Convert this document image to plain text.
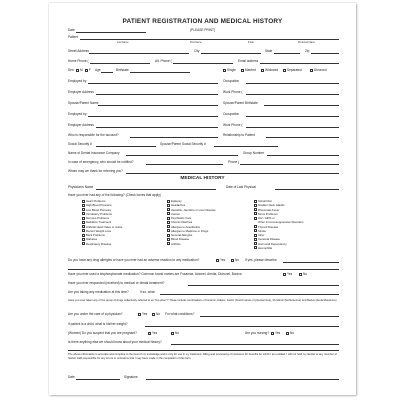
PATIENT REGISTRATION AND MEDICAL HISTORY
(PLEASE PRINT)
Date
Patient
Last Name	First Name	Initial	Preferred Name
Street Address	City	State	Zip
Home Phone (	Alt. Phone (	Email address
Sex:	M	F Age	Birthdate	Single	Married	Widowed	Separated	Divorced
Employed by	Occupation
Employer Address	Work Phone (
Spouse/Parent Name	Spouse/Parent Birthdate
Employed by	Occupation
Employer Address	Work Phone (
Who is responsible for the account?	Relationship to Patient
Social Security #	Spouse/Parent Social Security #
Name of Dental Insurance Company	Group Number
In case of emergency, who should be notified?	Phone (
Whom may we thank for referring you?
MEDICAL HISTORY
Physician's Name	Date of Last Physical
Have you ever had any of the following? (Check boxes that apply)
Heart Problems
High Blood Pressure
Low Blood Pressure
Circulatory Problems
Nervous Problems
Radiation Treatment
Artificial Heart Valve or Joints
Recent Weight Loss
Back Problems
Diabetes
Respiratory Disease
Epilepsy
Headaches
Hepatitis, Jaundice or Liver Disease
Cancer
Psychiatric Care
Chronic Diarrhea
Allergies to Anesthetics
Allergies to Medicine or Drugs
General Allergies
Blood Disease
Arthritis
Spinal Disc
Swollen Neck Glands
Rheumatic Fever
Sinus Problems
HIV / AIDS or
Other Immunosuppressive Disorders
Thyroid Disease
Stroke
Ulcer
Venereal Disease
Hormonal Dependency
Hemophilia
Do you have any drug allergies or have you ever had an adverse reaction to any medication?	Yes	No If yes, please describe
Have you ever used a bisphosphonate medication? Common brand names are Fosamax, Actonel, Aredia, Didronel, Boniva	Yes	No
Have you ever responded (received) to medical or dental treatment?
Are you taking any medication at this time?	If so, what
Have you ever taken any of the group of drugs collectively referred to as "fen-phen"? These include combinations of Ionamin, Adipex, Fastin (brand names of phentermine), Pondimin (fenfluramine) and Redux (dexfenfluramine)
Are you under the care of a physician?	Yes	No For what conditions?
If patient is a child, what is his/her weight?
(Women) Do you suspect that you are pregnant?	Yes	No	Are you nursing?	Yes	No
Is there anything else we should know about your medical history?
The above information is accurate and complete to the best of my knowledge and is only for use in my treatment, billing and processing of insurance for benefits for which I am entitled. I will not hold my dentist or any member of his/her staff responsible for any errors or omissions that I may have made in the completion of this form.
Date	Signature
